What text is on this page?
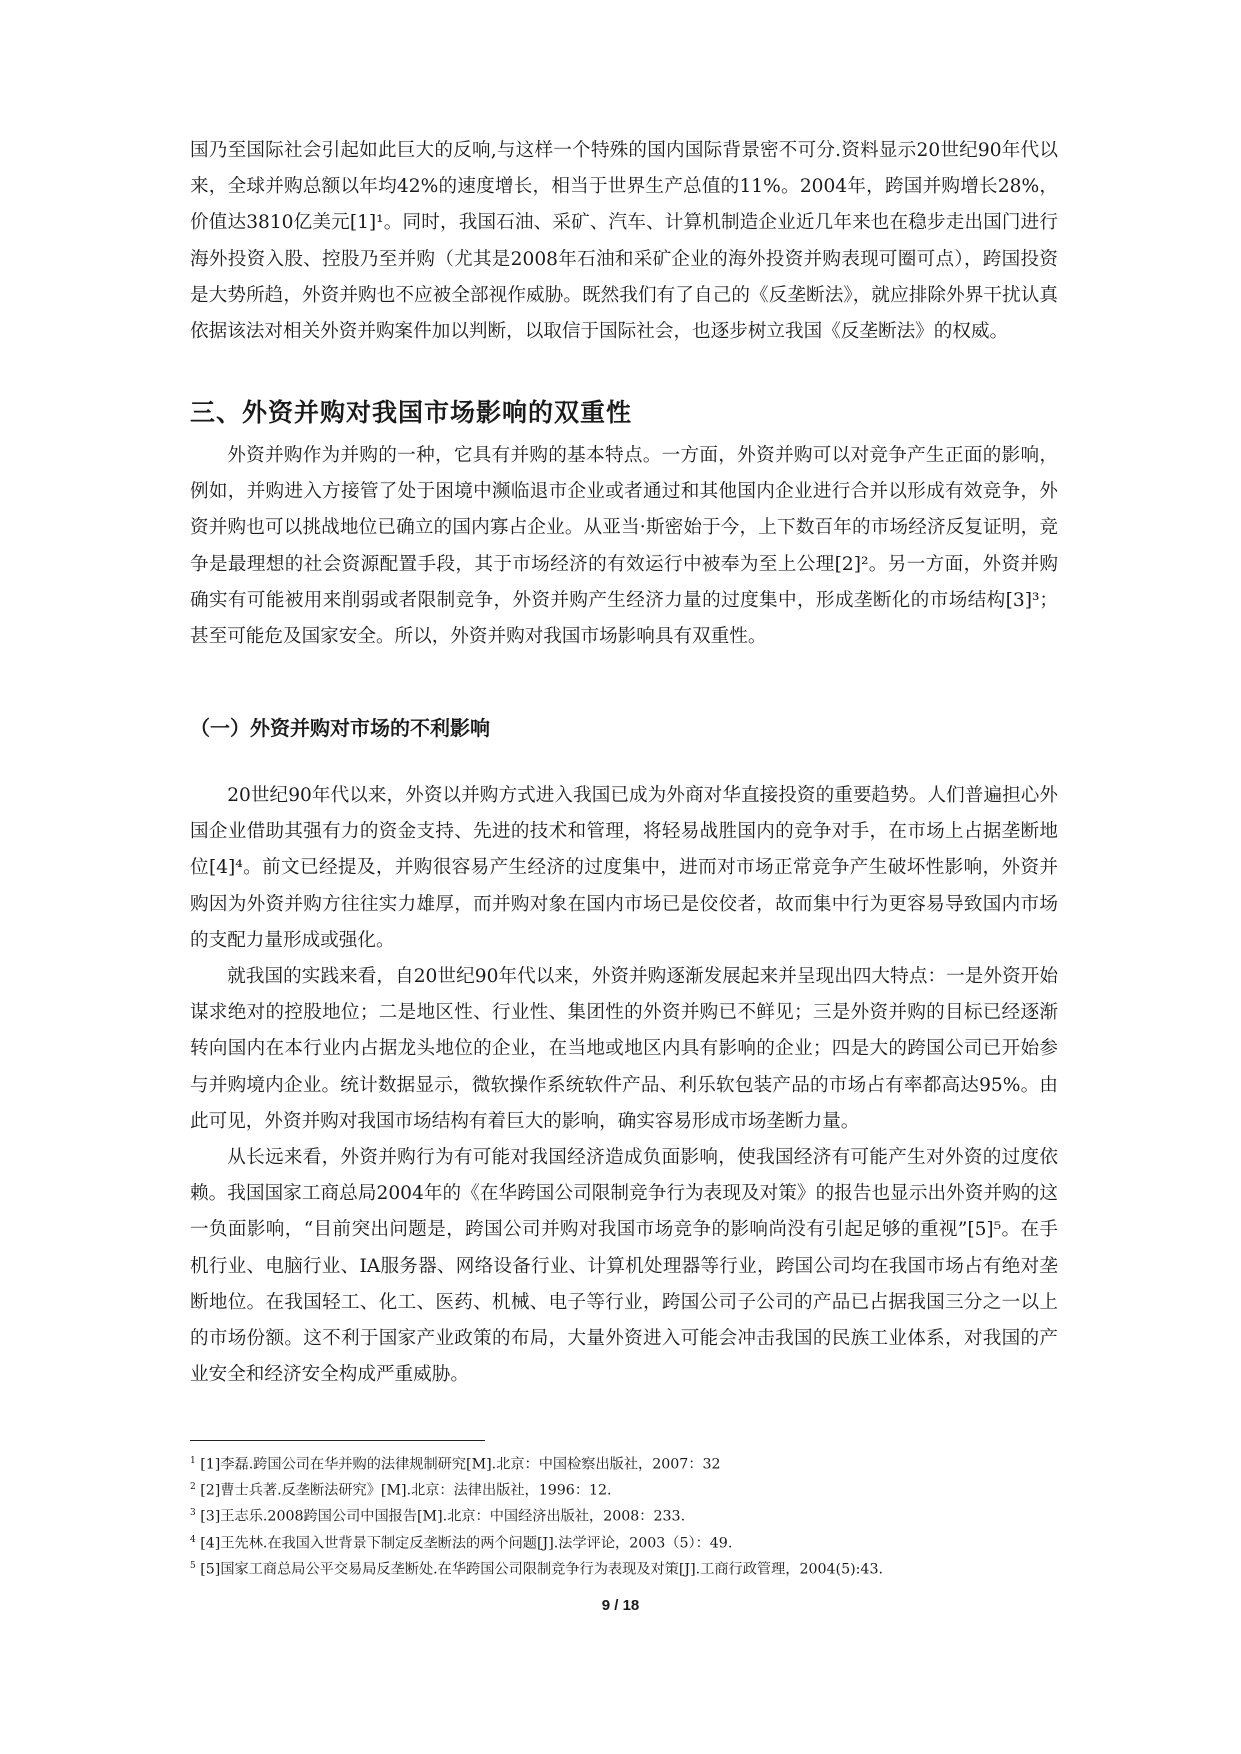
国乃至国际社会引起如此巨大的反响,与这样一个特殊的国内国际背景密不可分.资料显示20世纪90年代以来，全球并购总额以年均42%的速度增长，相当于世界生产总值的11%。2004年，跨国并购增长28%，价值达3810亿美元[1]¹。同时，我国石油、采矿、汽车、计算机制造企业近几年来也在稳步走出国门进行海外投资入股、控股乃至并购（尤其是2008年石油和采矿企业的海外投资并购表现可圈可点），跨国投资是大势所趋，外资并购也不应被全部视作威胁。既然我们有了自己的《反垄断法》，就应排除外界干扰认真依据该法对相关外资并购案件加以判断，以取信于国际社会，也逐步树立我国《反垄断法》的权威。

三、外资并购对我国市场影响的双重性

外资并购作为并购的一种，它具有并购的基本特点。一方面，外资并购可以对竞争产生正面的影响，例如，并购进入方接管了处于困境中濒临退市企业或者通过和其他国内企业进行合并以形成有效竞争，外资并购也可以挑战地位已确立的国内寡占企业。从亚当·斯密始于今，上下数百年的市场经济反复证明，竞争是最理想的社会资源配置手段，其于市场经济的有效运行中被奉为至上公理[2]²。另一方面，外资并购确实有可能被用来削弱或者限制竞争，外资并购产生经济力量的过度集中，形成垄断化的市场结构[3]³；甚至可能危及国家安全。所以，外资并购对我国市场影响具有双重性。

（一）外资并购对市场的不利影响

20世纪90年代以来，外资以并购方式进入我国已成为外商对华直接投资的重要趋势。人们普遍担心外国企业借助其强有力的资金支持、先进的技术和管理，将轻易战胜国内的竞争对手，在市场上占据垄断地位[4]⁴。前文已经提及，并购很容易产生经济的过度集中，进而对市场正常竞争产生破坏性影响，外资并购因为外资并购方往往实力雄厚，而并购对象在国内市场已是佼佼者，故而集中行为更容易导致国内市场的支配力量形成或强化。

就我国的实践来看，自20世纪90年代以来，外资并购逐渐发展起来并呈现出四大特点：一是外资开始谋求绝对的控股地位；二是地区性、行业性、集团性的外资并购已不鲜见；三是外资并购的目标已经逐渐转向国内在本行业内占据龙头地位的企业，在当地或地区内具有影响的企业；四是大的跨国公司已开始参与并购境内企业。统计数据显示，微软操作系统软件产品、利乐软包装产品的市场占有率都高达95%。由此可见，外资并购对我国市场结构有着巨大的影响，确实容易形成市场垄断力量。

从长远来看，外资并购行为有可能对我国经济造成负面影响，使我国经济有可能产生对外资的过度依赖。我国国家工商总局2004年的《在华跨国公司限制竞争行为表现及对策》的报告也显示出外资并购的这一负面影响，“目前突出问题是，跨国公司并购对我国市场竞争的影响尚没有引起足够的重视”[5]⁵。在手机行业、电脑行业、IA服务器、网络设备行业、计算机处理器等行业，跨国公司均在我国市场占有绝对垄断地位。在我国轻工、化工、医药、机械、电子等行业，跨国公司子公司的产品已占据我国三分之一以上的市场份额。这不利于国家产业政策的布局，大量外资进入可能会冲击我国的民族工业体系，对我国的产业安全和经济安全构成严重威胁。

$^1$ [1]李磊.跨国公司在华并购的法律规制研究[M].北京：中国检察出版社，2007：32

$^2$ [2]曹士兵著.反垄断法研究》[M].北京：法律出版社，1996：12.

$^3$ [3]王志乐.2008跨国公司中国报告[M].北京：中国经济出版社，2008：233.

$^4$ [4]王先林.在我国入世背景下制定反垄断法的两个问题[J].法学评论，2003（5）：49.

$^5$ [5]国家工商总局公平交易局反垄断处.在华跨国公司限制竞争行为表现及对策[J].工商行政管理，2004(5):43.

9 / 18
